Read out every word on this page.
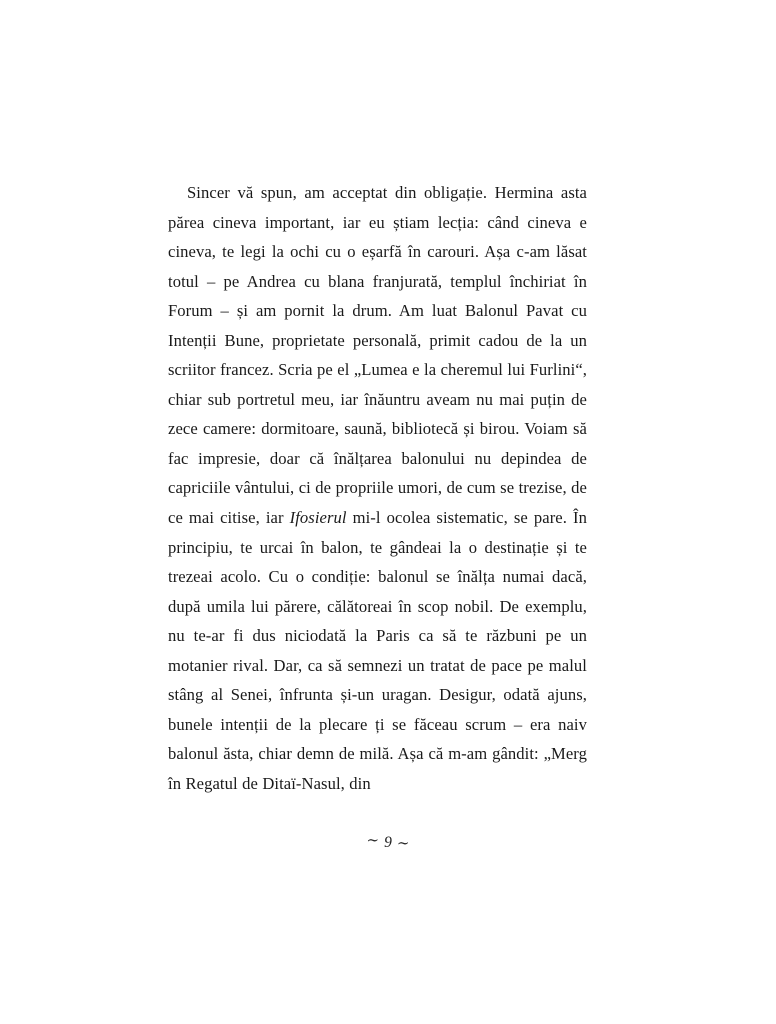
Sincer vă spun, am acceptat din obligație. Hermina asta părea cineva important, iar eu știam lecția: când cineva e cineva, te legi la ochi cu o eșarfă în carouri. Așa c-am lăsat totul – pe Andrea cu blana franjurată, templul închiriat în Forum – și am pornit la drum. Am luat Balonul Pavat cu Intenții Bune, proprietate personală, primit cadou de la un scriitor francez. Scria pe el „Lumea e la cheremul lui Furlini“, chiar sub portretul meu, iar înăuntru aveam nu mai puțin de zece camere: dormitoare, saună, bibliotecă și birou. Voiam să fac impresie, doar că înălțarea balonului nu depindea de capriciile vântului, ci de propriile umori, de cum se trezise, de ce mai citise, iar Ifosierul mi-l ocolea sistematic, se pare. În principiu, te urcai în balon, te gândeai la o destinație și te trezeai acolo. Cu o condiție: balonul se înălța numai dacă, după umila lui părere, călătoreai în scop nobil. De exemplu, nu te-ar fi dus niciodată la Paris ca să te răzbuni pe un motanier rival. Dar, ca să semnezi un tratat de pace pe malul stâng al Senei, înfrunta și-un uragan. Desigur, odată ajuns, bunele intenții de la plecare ți se făceau scrum – era naiv balonul ăsta, chiar demn de milă. Așa că m-am gândit: „Merg în Regatul de Ditaï-Nasul, din

∼ 9 ∼
